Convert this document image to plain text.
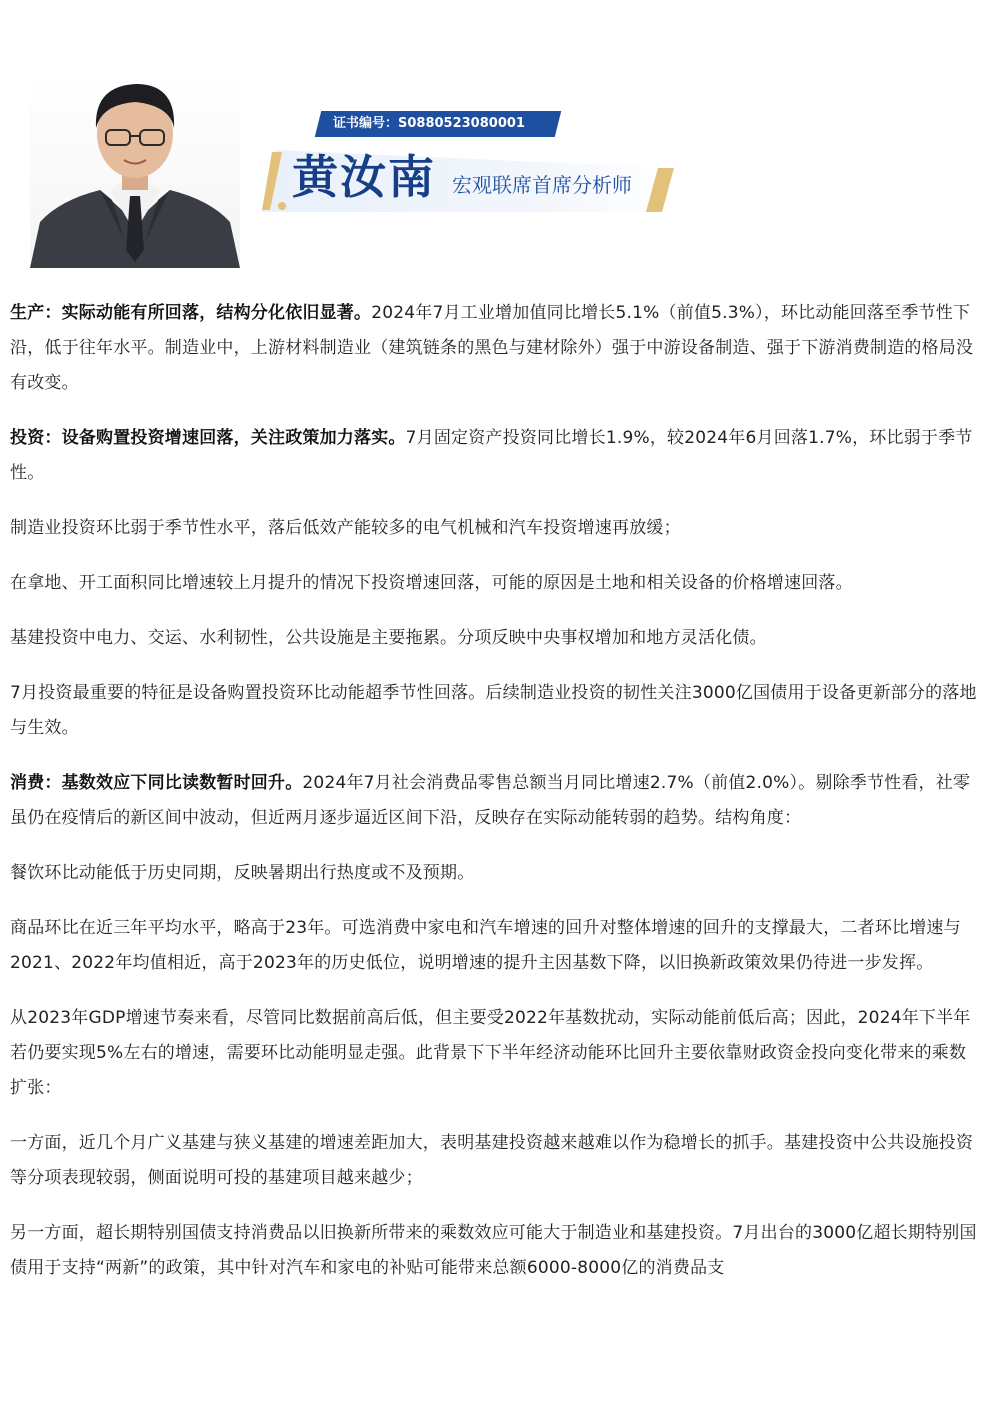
证书编号：S0880523080001
黄汝南 宏观联席首席分析师

生产：实际动能有所回落，结构分化依旧显著。2024年7月工业增加值同比增长5.1%（前值5.3%），环比动能回落至季节性下沿，低于往年水平。制造业中，上游材料制造业（建筑链条的黑色与建材除外）强于中游设备制造、强于下游消费制造的格局没有改变。

投资：设备购置投资增速回落，关注政策加力落实。7月固定资产投资同比增长1.9%，较2024年6月回落1.7%，环比弱于季节性。

制造业投资环比弱于季节性水平，落后低效产能较多的电气机械和汽车投资增速再放缓；

在拿地、开工面积同比增速较上月提升的情况下投资增速回落，可能的原因是土地和相关设备的价格增速回落。

基建投资中电力、交运、水利韧性，公共设施是主要拖累。分项反映中央事权增加和地方灵活化债。

7月投资最重要的特征是设备购置投资环比动能超季节性回落。后续制造业投资的韧性关注3000亿国债用于设备更新部分的落地与生效。

消费：基数效应下同比读数暂时回升。2024年7月社会消费品零售总额当月同比增速2.7%（前值2.0%）。剔除季节性看，社零虽仍在疫情后的新区间中波动，但近两月逐步逼近区间下沿，反映存在实际动能转弱的趋势。结构角度：

餐饮环比动能低于历史同期，反映暑期出行热度或不及预期。

商品环比在近三年平均水平，略高于23年。可选消费中家电和汽车增速的回升对整体增速的回升的支撑最大，二者环比增速与2021、2022年均值相近，高于2023年的历史低位，说明增速的提升主因基数下降，以旧换新政策效果仍待进一步发挥。

从2023年GDP增速节奏来看，尽管同比数据前高后低，但主要受2022年基数扰动，实际动能前低后高；因此，2024年下半年若仍要实现5%左右的增速，需要环比动能明显走强。此背景下下半年经济动能环比回升主要依靠财政资金投向变化带来的乘数扩张：

一方面，近几个月广义基建与狭义基建的增速差距加大，表明基建投资越来越难以作为稳增长的抓手。基建投资中公共设施投资等分项表现较弱，侧面说明可投的基建项目越来越少；

另一方面，超长期特别国债支持消费品以旧换新所带来的乘数效应可能大于制造业和基建投资。7月出台的3000亿超长期特别国债用于支持“两新”的政策，其中针对汽车和家电的补贴可能带来总额6000-8000亿的消费品支
